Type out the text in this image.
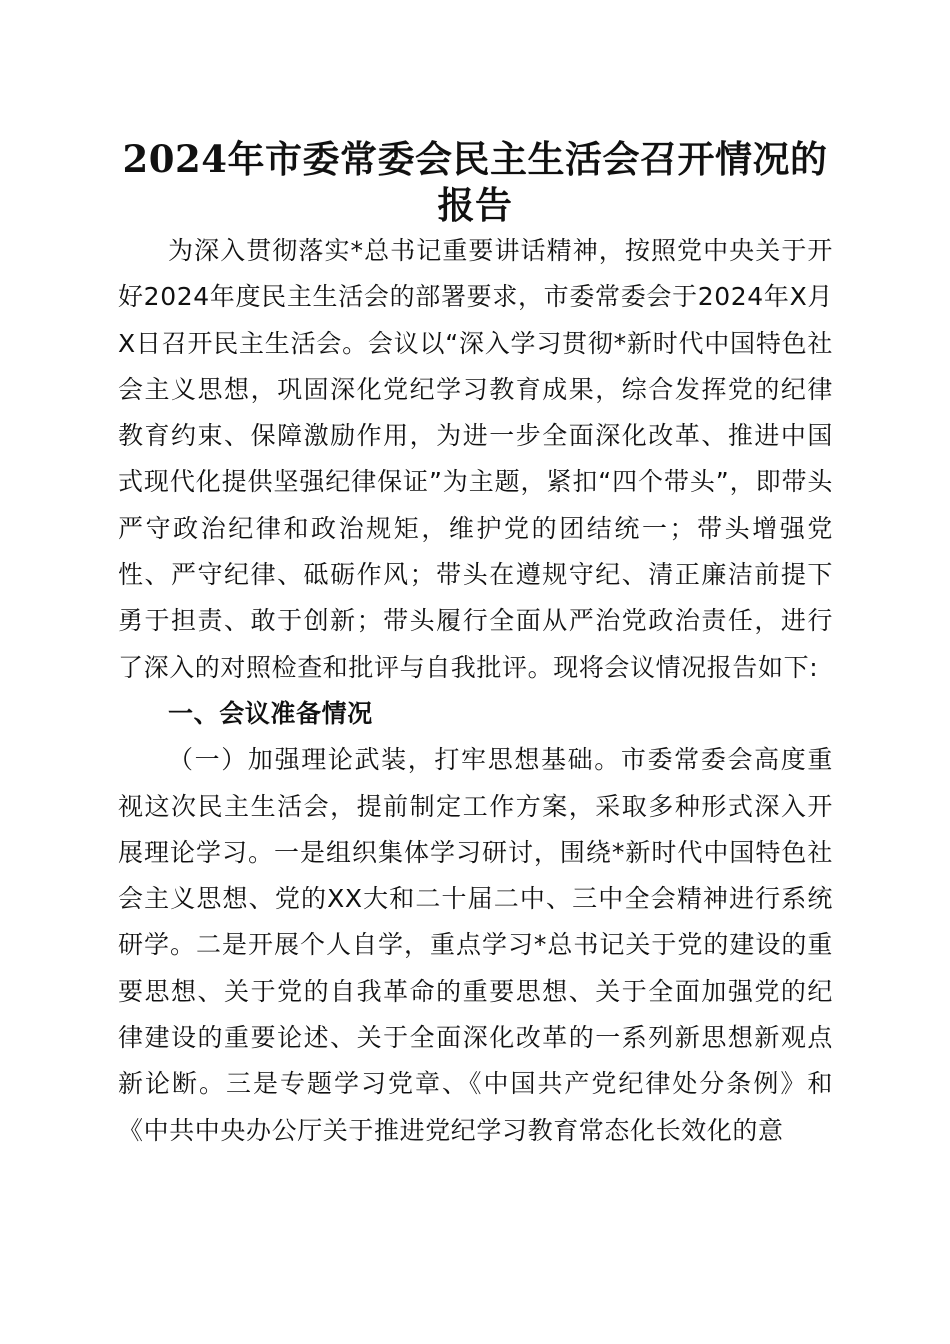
2024年市委常委会民主生活会召开情况的报告

为深入贯彻落实*总书记重要讲话精神，按照党中央关于开好2024年度民主生活会的部署要求，市委常委会于2024年X月X日召开民主生活会。会议以“深入学习贯彻*新时代中国特色社会主义思想，巩固深化党纪学习教育成果，综合发挥党的纪律教育约束、保障激励作用，为进一步全面深化改革、推进中国式现代化提供坚强纪律保证”为主题，紧扣“四个带头”，即带头严守政治纪律和政治规矩，维护党的团结统一；带头增强党性、严守纪律、砥砺作风；带头在遵规守纪、清正廉洁前提下勇于担责、敢于创新；带头履行全面从严治党政治责任，进行了深入的对照检查和批评与自我批评。现将会议情况报告如下:

一、会议准备情况

（一）加强理论武装，打牢思想基础。市委常委会高度重视这次民主生活会，提前制定工作方案，采取多种形式深入开展理论学习。一是组织集体学习研讨，围绕*新时代中国特色社会主义思想、党的XX大和二十届二中、三中全会精神进行系统研学。二是开展个人自学，重点学习*总书记关于党的建设的重要思想、关于党的自我革命的重要思想、关于全面加强党的纪律建设的重要论述、关于全面深化改革的一系列新思想新观点新论断。三是专题学习党章、《中国共产党纪律处分条例》和《中共中央办公厅关于推进党纪学习教育常态化长效化的意
